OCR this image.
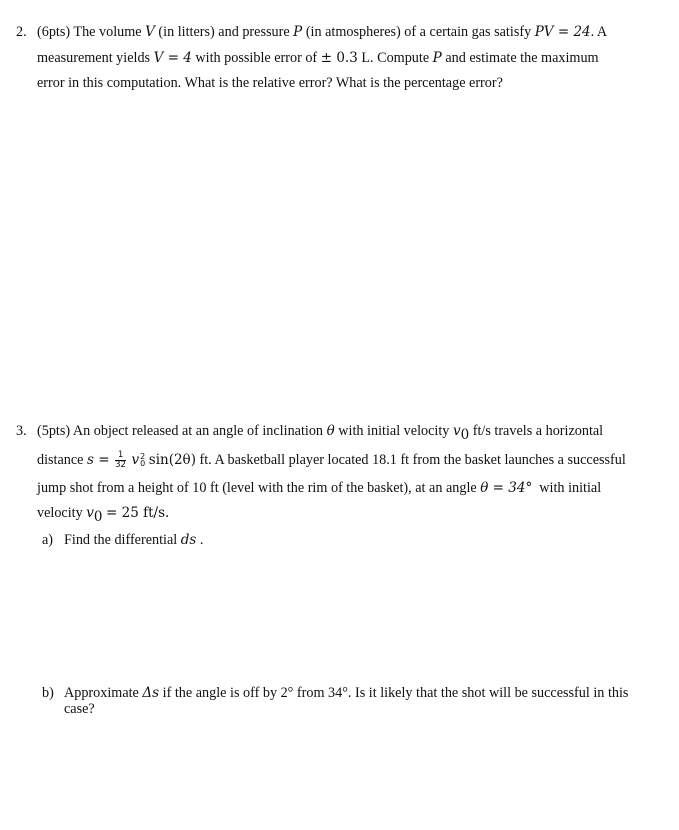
2. (6pts) The volume V (in litters) and pressure P (in atmospheres) of a certain gas satisfy PV = 24. A
measurement yields V = 4 with possible error of ± 0.3 L. Compute P and estimate the maximum
error in this computation. What is the relative error? What is the percentage error?
3. (5pts) An object released at an angle of inclination θ with initial velocity $v_0$ ft/s travels a horizontal
distance $s = \frac{1}{32}$ v 2
0 sin(2θ) ft. A basketball player located 18.1 ft from the basket launches a successful
jump shot from a height of 10 ft (level with the rim of the basket), at an angle θ = 34° with initial
velocity $v_0 = 25$ ft/s.
a) Find the differential ds .
b) Approximate Δs if the angle is off by 2° from 34°. Is it likely that the shot will be successful in this
case?
